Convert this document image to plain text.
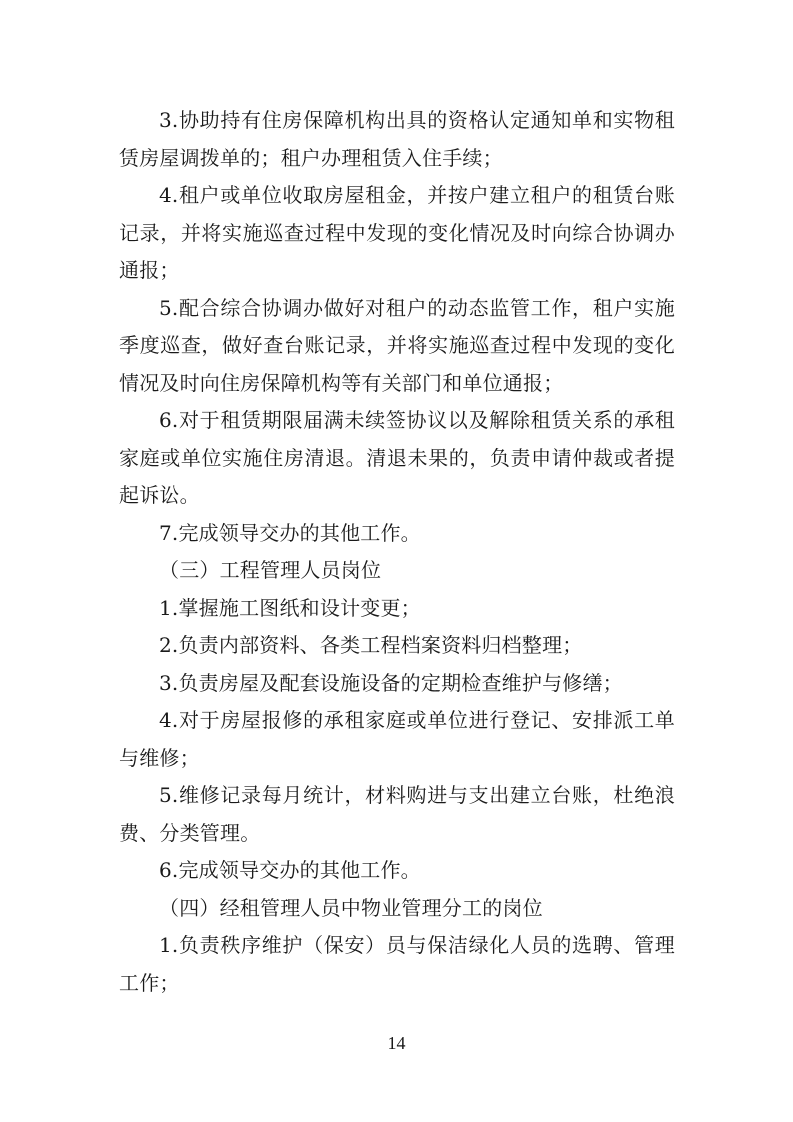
3.协助持有住房保障机构出具的资格认定通知单和实物租赁房屋调拨单的；租户办理租赁入住手续；

4.租户或单位收取房屋租金，并按户建立租户的租赁台账记录，并将实施巡查过程中发现的变化情况及时向综合协调办通报；

5.配合综合协调办做好对租户的动态监管工作，租户实施季度巡查，做好查台账记录，并将实施巡查过程中发现的变化情况及时向住房保障机构等有关部门和单位通报；

6.对于租赁期限届满未续签协议以及解除租赁关系的承租家庭或单位实施住房清退。清退未果的，负责申请仲裁或者提起诉讼。

7.完成领导交办的其他工作。

（三）工程管理人员岗位

1.掌握施工图纸和设计变更；

2.负责内部资料、各类工程档案资料归档整理；

3.负责房屋及配套设施设备的定期检查维护与修缮；

4.对于房屋报修的承租家庭或单位进行登记、安排派工单与维修；

5.维修记录每月统计，材料购进与支出建立台账，杜绝浪费、分类管理。

6.完成领导交办的其他工作。

（四）经租管理人员中物业管理分工的岗位

1.负责秩序维护（保安）员与保洁绿化人员的选聘、管理工作；

14
